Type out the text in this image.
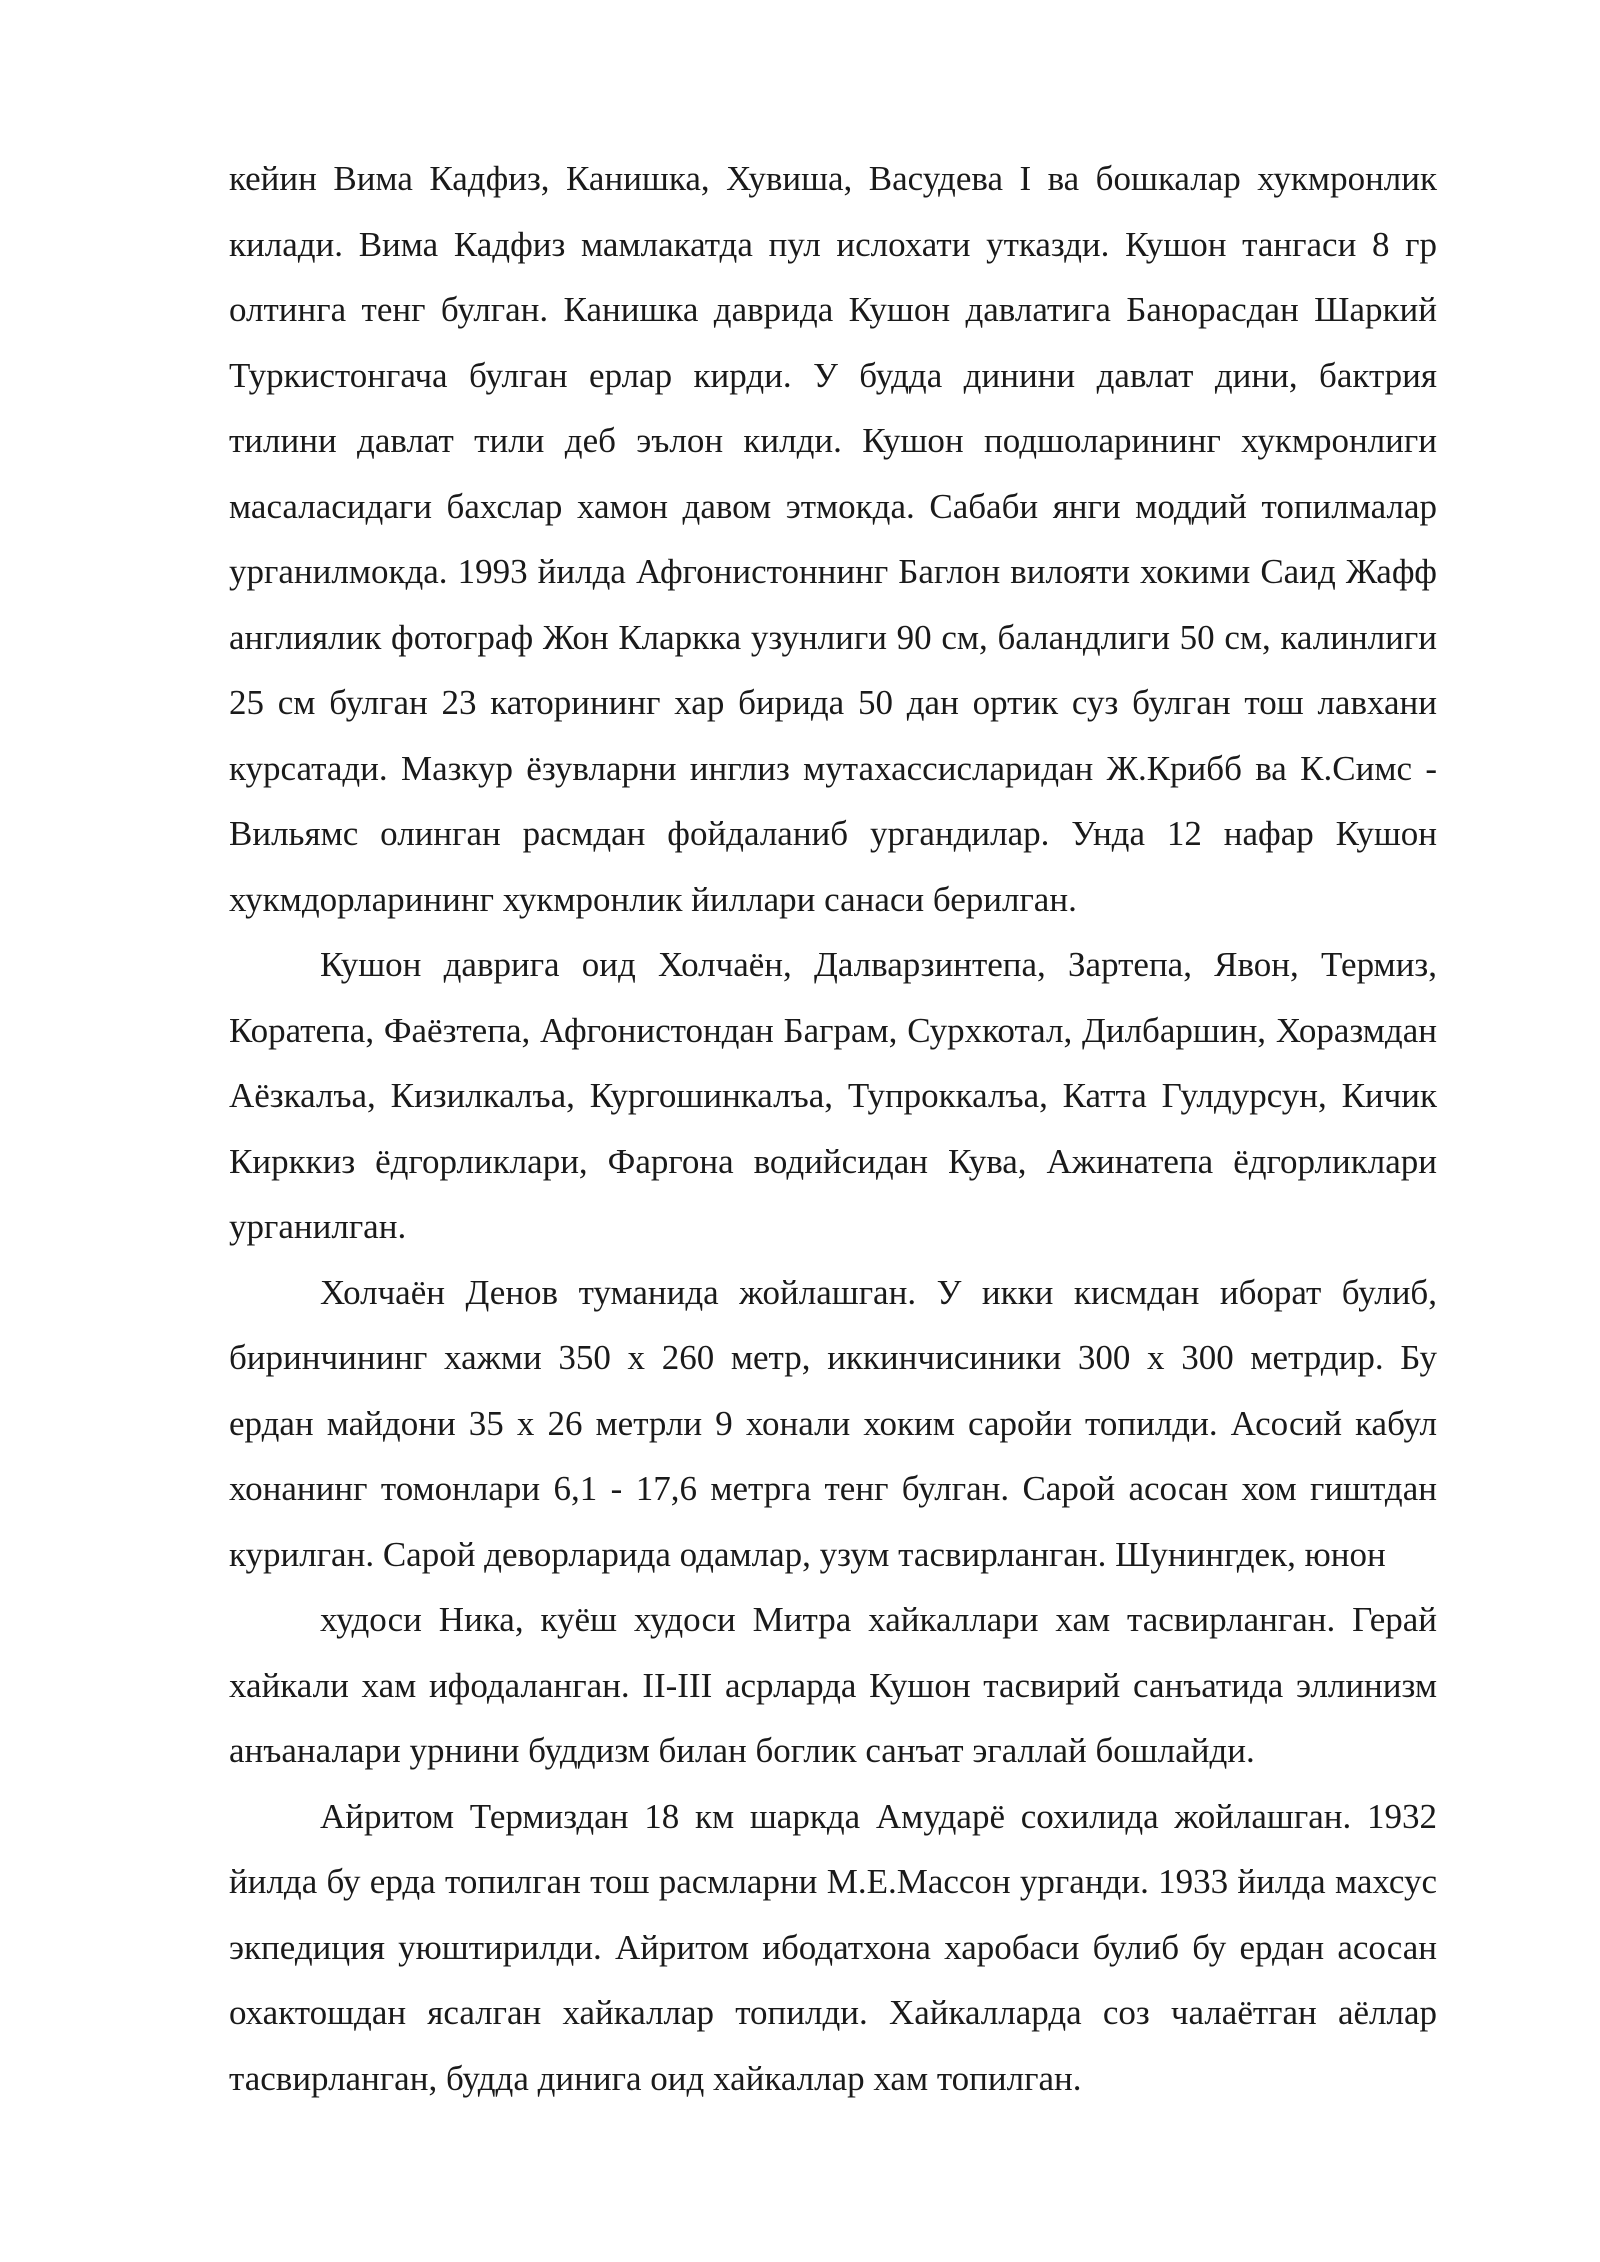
кейин Вима Кадфиз, Канишка, Хувиша, Васудева I ва бошкалар хукмронлик килади. Вима Кадфиз мамлакатда пул ислохати утказди. Кушон тангаси 8 гр олтинга тенг булган. Канишка даврида Кушон давлатига Банорасдан Шаркий Туркистонгача булган ерлар кирди. У будда динини давлат дини, бактрия тилини давлат тили деб эълон килди. Кушон подшоларининг хукмронлиги масаласидаги бахслар хамон давом этмокда. Сабаби янги моддий топилмалар урганилмокда. 1993 йилда Афгонистоннинг Баглон вилояти хокими Саид Жафф англиялик фотограф Жон Кларкка узунлиги 90 см, баландлиги 50 см, калинлиги 25 см булган 23 каторининг хар бирида 50 дан ортик суз булган тош лавхани курсатади. Мазкур ёзувларни инглиз мутахассисларидан Ж.Крибб ва К.Симс - Вильямс олинган расмдан фойдаланиб ургандилар. Унда 12 нафар Кушон хукмдорларининг хукмронлик йиллари санаси берилган.

Кушон даврига оид Холчаён, Далварзинтепа, Зартепа, Явон, Термиз, Коратепа, Фаёзтепа, Афгонистондан Баграм, Сурхкотал, Дилбаршин, Хоразмдан Аёзкалъа, Кизилкалъа, Кургошинкалъа, Тупроккалъа, Катта Гулдурсун, Кичик Кирккиз ёдгорликлари, Фаргона водийсидан Кува, Ажинатепа ёдгорликлари урганилган.

Холчаён Денов туманида жойлашган. У икки кисмдан иборат булиб, биринчининг хажми 350 х 260 метр, иккинчисиники 300 х 300 метрдир. Бу ердан майдони 35 х 26 метрли 9 хонали хоким саройи топилди. Асосий кабул хонанинг томонлари 6,1 - 17,6 метрга тенг булган. Сарой асосан хом гиштдан курилган. Сарой деворларида одамлар, узум тасвирланган. Шунингдек, юнон
худоси Ника, куёш худоси Митра хайкаллари хам тасвирланган. Герай хайкали хам ифодаланган. II-III асрларда Кушон тасвирий санъатида эллинизм анъаналари урнини буддизм билан боглик санъат эгаллай бошлайди.

Айритом Термиздан 18 км шаркда Амударё сохилида жойлашган. 1932 йилда бу ерда топилган тош расмларни М.Е.Массон урганди. 1933 йилда махсус экпедиция уюштирилди. Айритом ибодатхона харобаси булиб бу ердан асосан охактошдан ясалган хайкаллар топилди. Хайкалларда соз чалаётган аёллар тасвирланган, будда динига оид хайкаллар хам топилган.
